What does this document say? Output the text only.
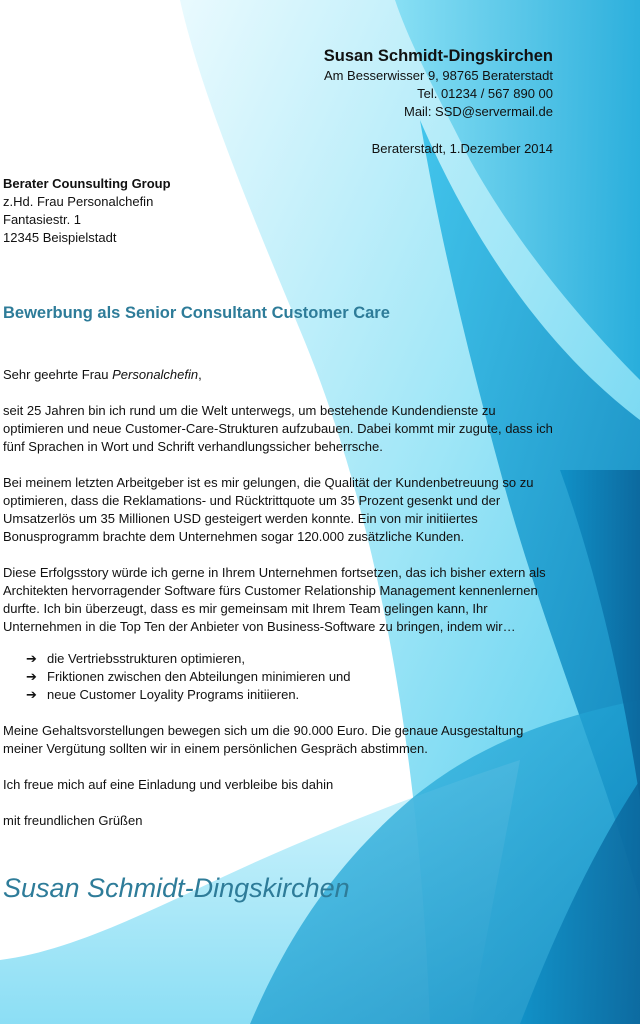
Susan Schmidt-Dingskirchen
Am Besserwisser 9, 98765 Beraterstadt
Tel. 01234 / 567 890 00
Mail: SSD@servermail.de
Beraterstadt, 1.Dezember 2014
Berater Counsulting Group
z.Hd. Frau Personalchefin
Fantasiestr. 1
12345 Beispielstadt
Bewerbung als Senior Consultant Customer Care

Sehr geehrte Frau Personalchefin,

seit 25 Jahren bin ich rund um die Welt unterwegs, um bestehende Kundendienste zu optimieren und neue Customer-Care-Strukturen aufzubauen. Dabei kommt mir zugute, dass ich fünf Sprachen in Wort und Schrift verhandlungssicher beherrsche.

Bei meinem letzten Arbeitgeber ist es mir gelungen, die Qualität der Kundenbetreuung so zu optimieren, dass die Reklamations- und Rücktrittquote um 35 Prozent gesenkt und der Umsatzerlös um 35 Millionen USD gesteigert werden konnte. Ein von mir initiiertes Bonusprogramm brachte dem Unternehmen sogar 120.000 zusätzliche Kunden.

Diese Erfolgsstory würde ich gerne in Ihrem Unternehmen fortsetzen, das ich bisher extern als Architekten hervorragender Software fürs Customer Relationship Management kennenlernen durfte. Ich bin überzeugt, dass es mir gemeinsam mit Ihrem Team gelingen kann, Ihr Unternehmen in die Top Ten der Anbieter von Business-Software zu bringen, indem wir…

➔ die Vertriebsstrukturen optimieren,
➔ Friktionen zwischen den Abteilungen minimieren und
➔ neue Customer Loyality Programs initiieren.

Meine Gehaltsvorstellungen bewegen sich um die 90.000 Euro. Die genaue Ausgestaltung meiner Vergütung sollten wir in einem persönlichen Gespräch abstimmen.

Ich freue mich auf eine Einladung und verbleibe bis dahin

mit freundlichen Grüßen

Susan Schmidt-Dingskirchen
